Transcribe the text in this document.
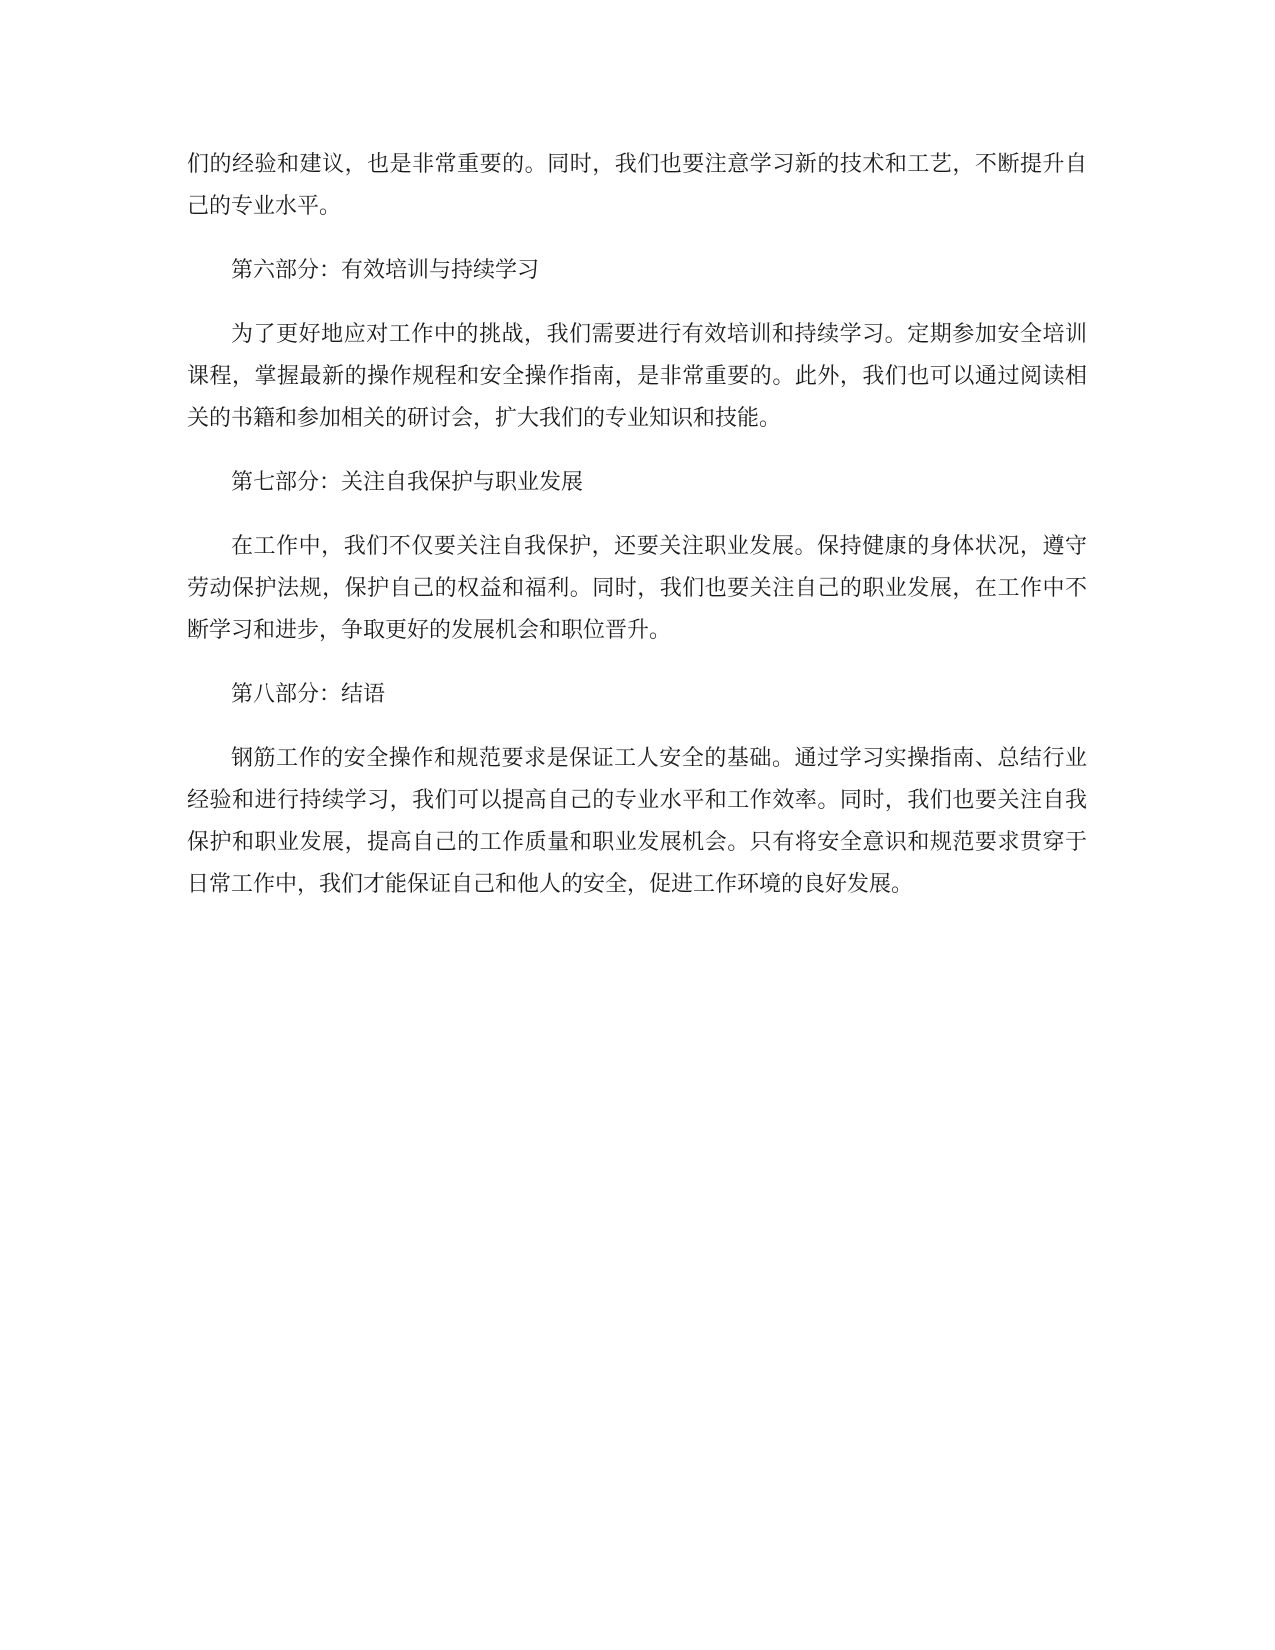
们的经验和建议，也是非常重要的。同时，我们也要注意学习新的技术和工艺，不断提升自己的专业水平。

第六部分：有效培训与持续学习

为了更好地应对工作中的挑战，我们需要进行有效培训和持续学习。定期参加安全培训课程，掌握最新的操作规程和安全操作指南，是非常重要的。此外，我们也可以通过阅读相关的书籍和参加相关的研讨会，扩大我们的专业知识和技能。

第七部分：关注自我保护与职业发展

在工作中，我们不仅要关注自我保护，还要关注职业发展。保持健康的身体状况，遵守劳动保护法规，保护自己的权益和福利。同时，我们也要关注自己的职业发展，在工作中不断学习和进步，争取更好的发展机会和职位晋升。

第八部分：结语

钢筋工作的安全操作和规范要求是保证工人安全的基础。通过学习实操指南、总结行业经验和进行持续学习，我们可以提高自己的专业水平和工作效率。同时，我们也要关注自我保护和职业发展，提高自己的工作质量和职业发展机会。只有将安全意识和规范要求贯穿于日常工作中，我们才能保证自己和他人的安全，促进工作环境的良好发展。
